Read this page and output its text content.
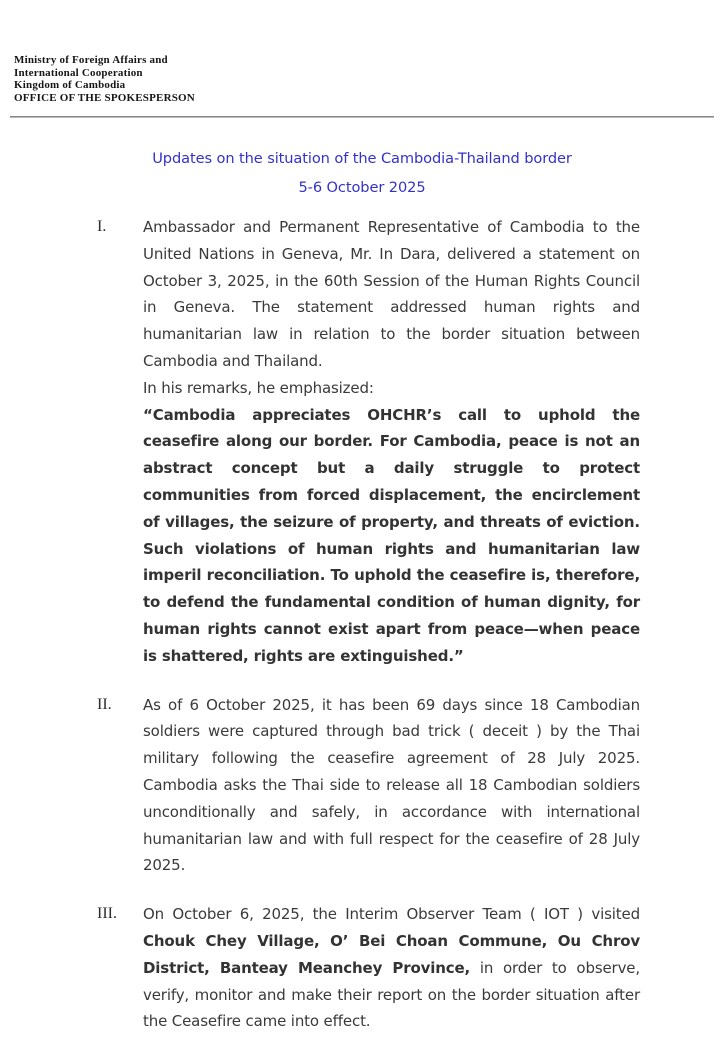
Ministry of Foreign Affairs and
International Cooperation
Kingdom of Cambodia
OFFICE OF THE SPOKESPERSON
Updates on the situation of the Cambodia-Thailand border
5-6 October 2025
I.	Ambassador and Permanent Representative of Cambodia to the United Nations in Geneva, Mr. In Dara, delivered a statement on October 3, 2025, in the 60th Session of the Human Rights Council in Geneva. The statement addressed human rights and humanitarian law in relation to the border situation between Cambodia and Thailand.

In his remarks, he emphasized:

“Cambodia appreciates OHCHR’s call to uphold the ceasefire along our border. For Cambodia, peace is not an abstract concept but a daily struggle to protect communities from forced displacement, the encirclement of villages, the seizure of property, and threats of eviction. Such violations of human rights and humanitarian law imperil reconciliation. To uphold the ceasefire is, therefore, to defend the fundamental condition of human dignity, for human rights cannot exist apart from peace—when peace is shattered, rights are extinguished.”

II.	As of 6 October 2025, it has been 69 days since 18 Cambodian soldiers were captured through bad trick ( deceit ) by the Thai military following the ceasefire agreement of 28 July 2025. Cambodia asks the Thai side to release all 18 Cambodian soldiers unconditionally and safely, in accordance with international humanitarian law and with full respect for the ceasefire of 28 July 2025.

III.	On October 6, 2025, the Interim Observer Team ( IOT ) visited Chouk Chey Village, O’ Bei Choan Commune, Ou Chrov District, Banteay Meanchey Province, in order to observe, verify, monitor and make their report on the border situation after the Ceasefire came into effect.
